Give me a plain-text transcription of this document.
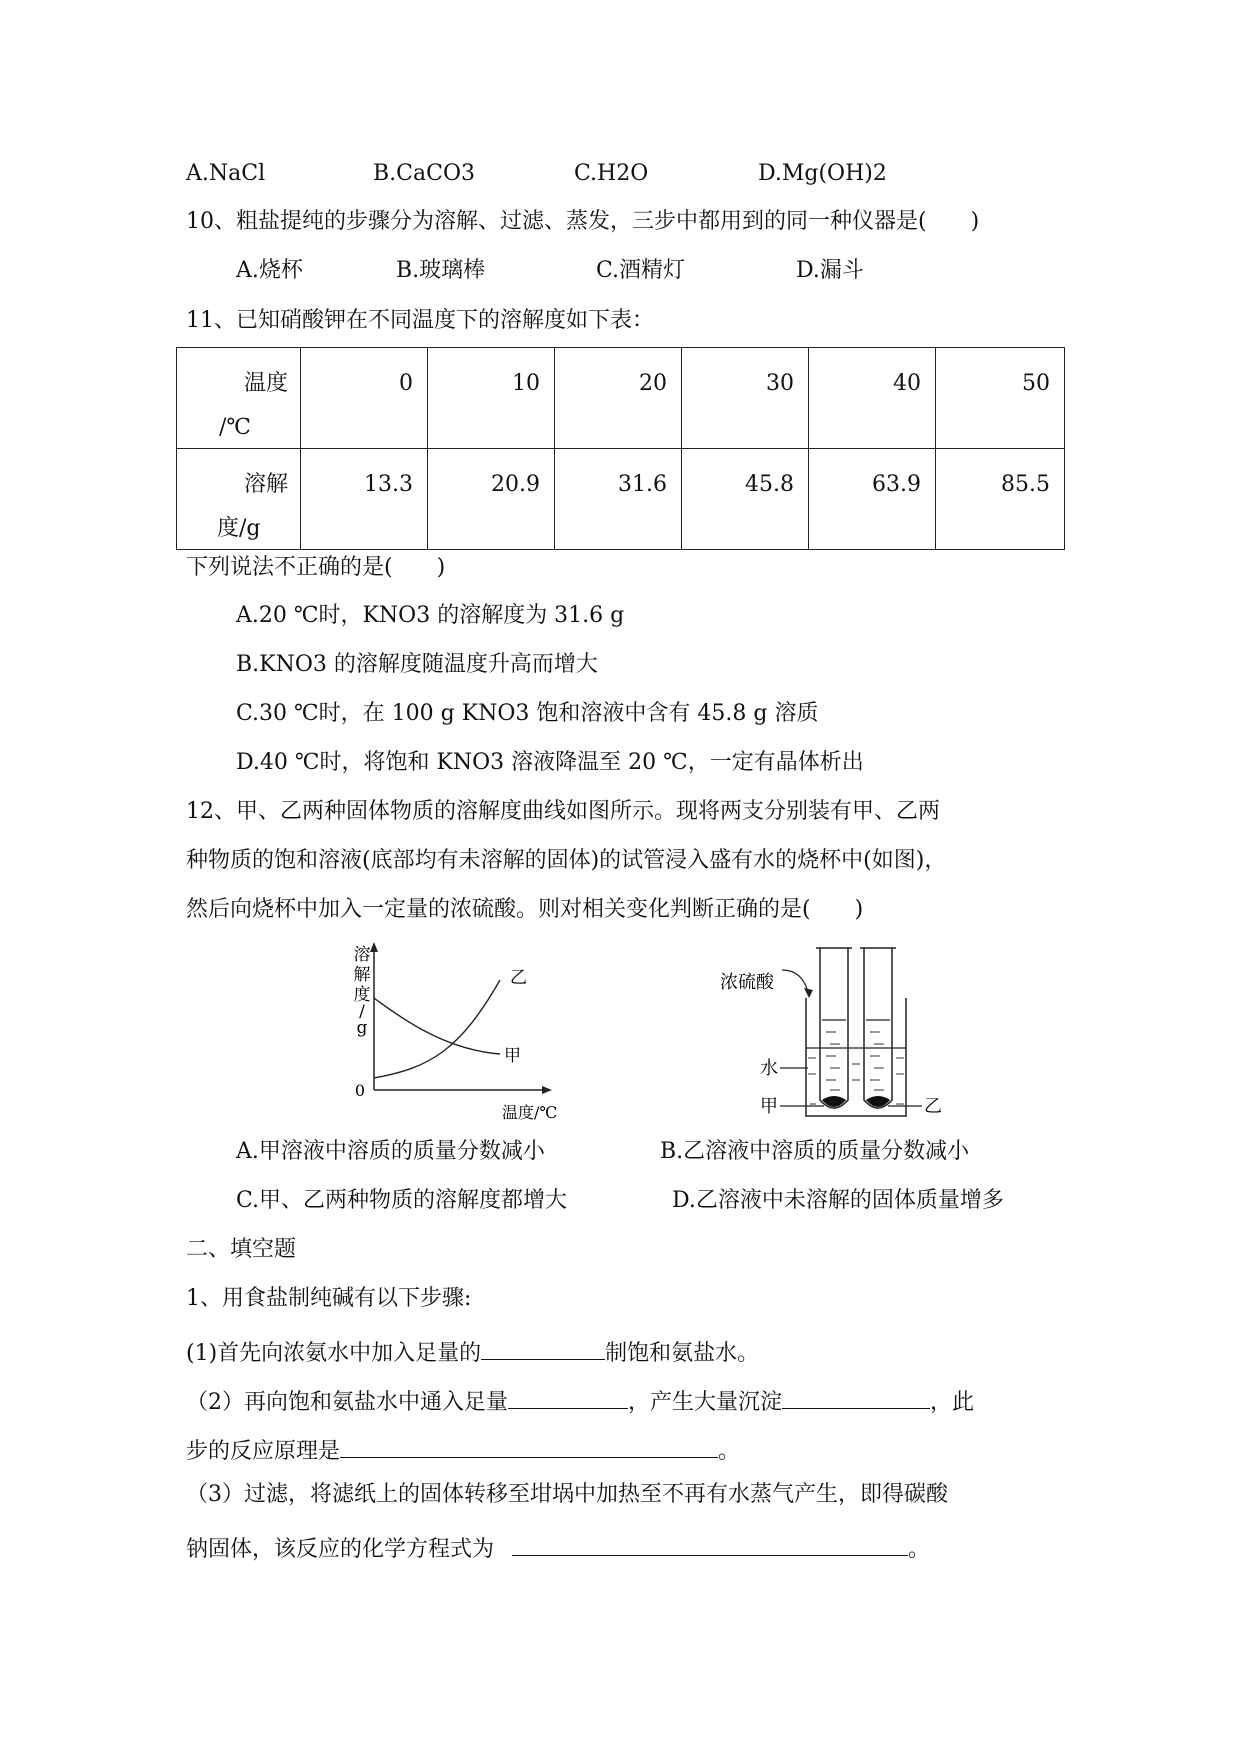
A.NaCl	B.CaCO3	C.H2O	D.Mg(OH)2
10、粗盐提纯的步骤分为溶解、过滤、蒸发，三步中都用到的同一种仪器是(　　)
A.烧杯	B.玻璃棒	C.酒精灯	D.漏斗
11、已知硝酸钾在不同温度下的溶解度如下表：
温度
/℃	0	10	20	30	40	50

溶解
度/g	13.3	20.9	31.6	45.8	63.9	85.5
下列说法不正确的是(　　)
A.20 ℃时，KNO3 的溶解度为 31.6 g
B.KNO3 的溶解度随温度升高而增大
C.30 ℃时，在 100 g KNO3 饱和溶液中含有 45.8 g 溶质
D.40 ℃时，将饱和 KNO3 溶液降温至 20 ℃，一定有晶体析出
12、甲、乙两种固体物质的溶解度曲线如图所示。现将两支分别装有甲、乙两
种物质的饱和溶液(底部均有未溶解的固体)的试管浸入盛有水的烧杯中(如图)，
然后向烧杯中加入一定量的浓硫酸。则对相关变化判断正确的是(　　)
溶
解
度
/
g
0
温度/℃
乙
甲
浓硫酸
水
甲	乙
A.甲溶液中溶质的质量分数减小	B.乙溶液中溶质的质量分数减小
C.甲、乙两种物质的溶解度都增大	D.乙溶液中未溶解的固体质量增多
二、填空题
1、用食盐制纯碱有以下步骤:
(1)首先向浓氨水中加入足量的	制饱和氨盐水。
（2）再向饱和氨盐水中通入足量	，产生大量沉淀	，此
步的反应原理是	。
（3）过滤，将滤纸上的固体转移至坩埚中加热至不再有水蒸气产生，即得碳酸
钠固体，该反应的化学方程式为	。
